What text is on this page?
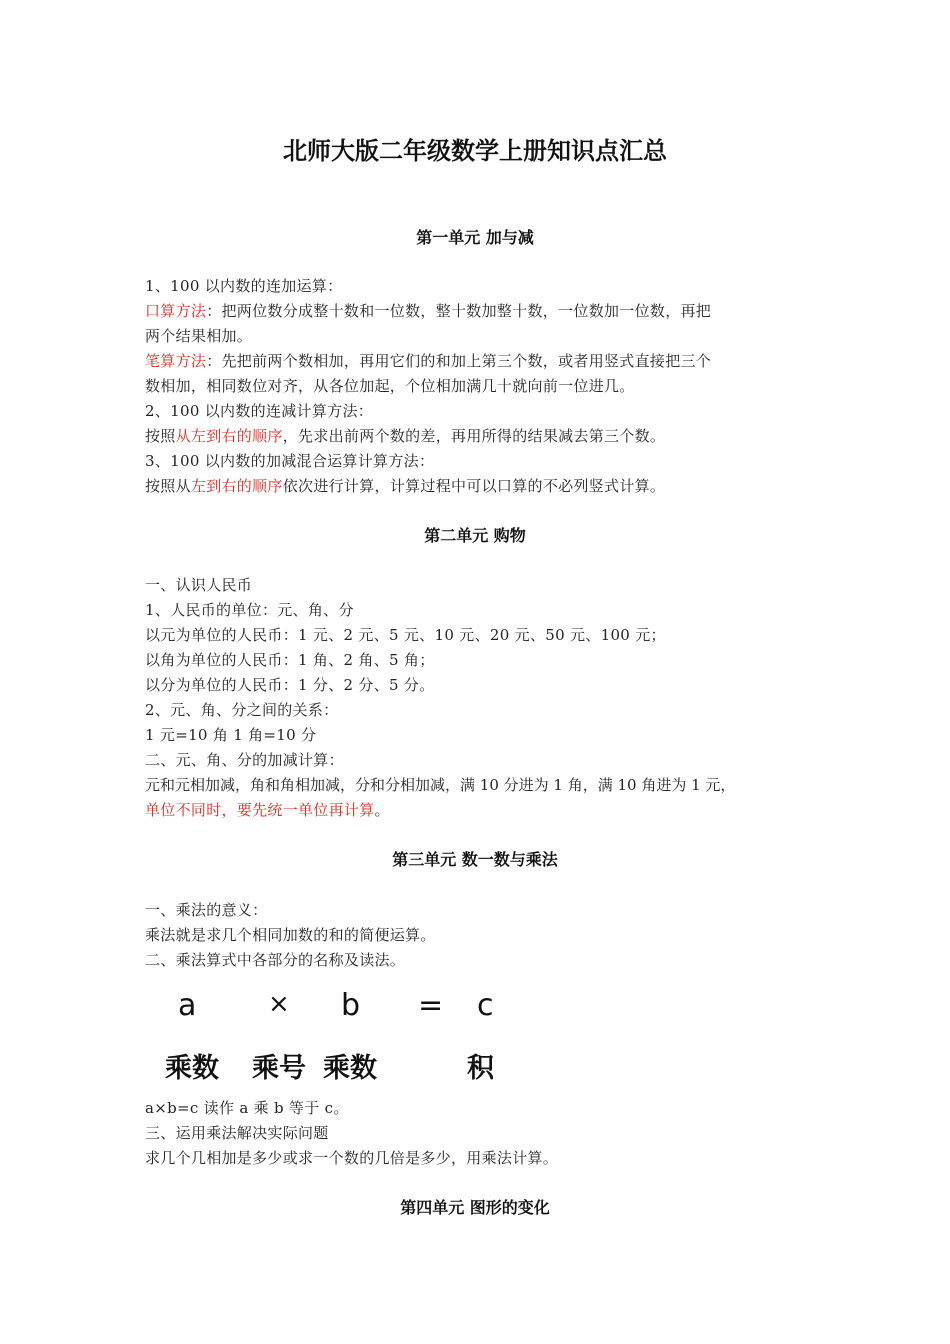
北师大版二年级数学上册知识点汇总
第一单元 加与减
1、100 以内数的连加运算：
口算方法：把两位数分成整十数和一位数，整十数加整十数，一位数加一位数，再把
两个结果相加。
笔算方法：先把前两个数相加，再用它们的和加上第三个数，或者用竖式直接把三个
数相加，相同数位对齐，从各位加起，个位相加满几十就向前一位进几。
2、100 以内数的连减计算方法：
按照从左到右的顺序，先求出前两个数的差，再用所得的结果减去第三个数。
3、100 以内数的加减混合运算计算方法：
按照从左到右的顺序依次进行计算，计算过程中可以口算的不必列竖式计算。
第二单元 购物
一、认识人民币
1、人民币的单位：元、角、分
以元为单位的人民币：1 元、2 元、5 元、10 元、20 元、50 元、100 元；
以角为单位的人民币：1 角、2 角、5 角；
以分为单位的人民币：1 分、2 分、5 分。
2、元、角、分之间的关系：
1 元=10 角 1 角=10 分
二、元、角、分的加减计算：
元和元相加减，角和角相加减，分和分相加减，满 10 分进为 1 角，满 10 角进为 1 元，
单位不同时，要先统一单位再计算。
第三单元 数一数与乘法
一、乘法的意义：
乘法就是求几个相同加数的和的简便运算。
二、乘法算式中各部分的名称及读法。
a	× b = c
乘数 乘号 乘数	积
a×b=c 读作 a 乘 b 等于 c。
三、运用乘法解决实际问题
求几个几相加是多少或求一个数的几倍是多少，用乘法计算。
第四单元 图形的变化
